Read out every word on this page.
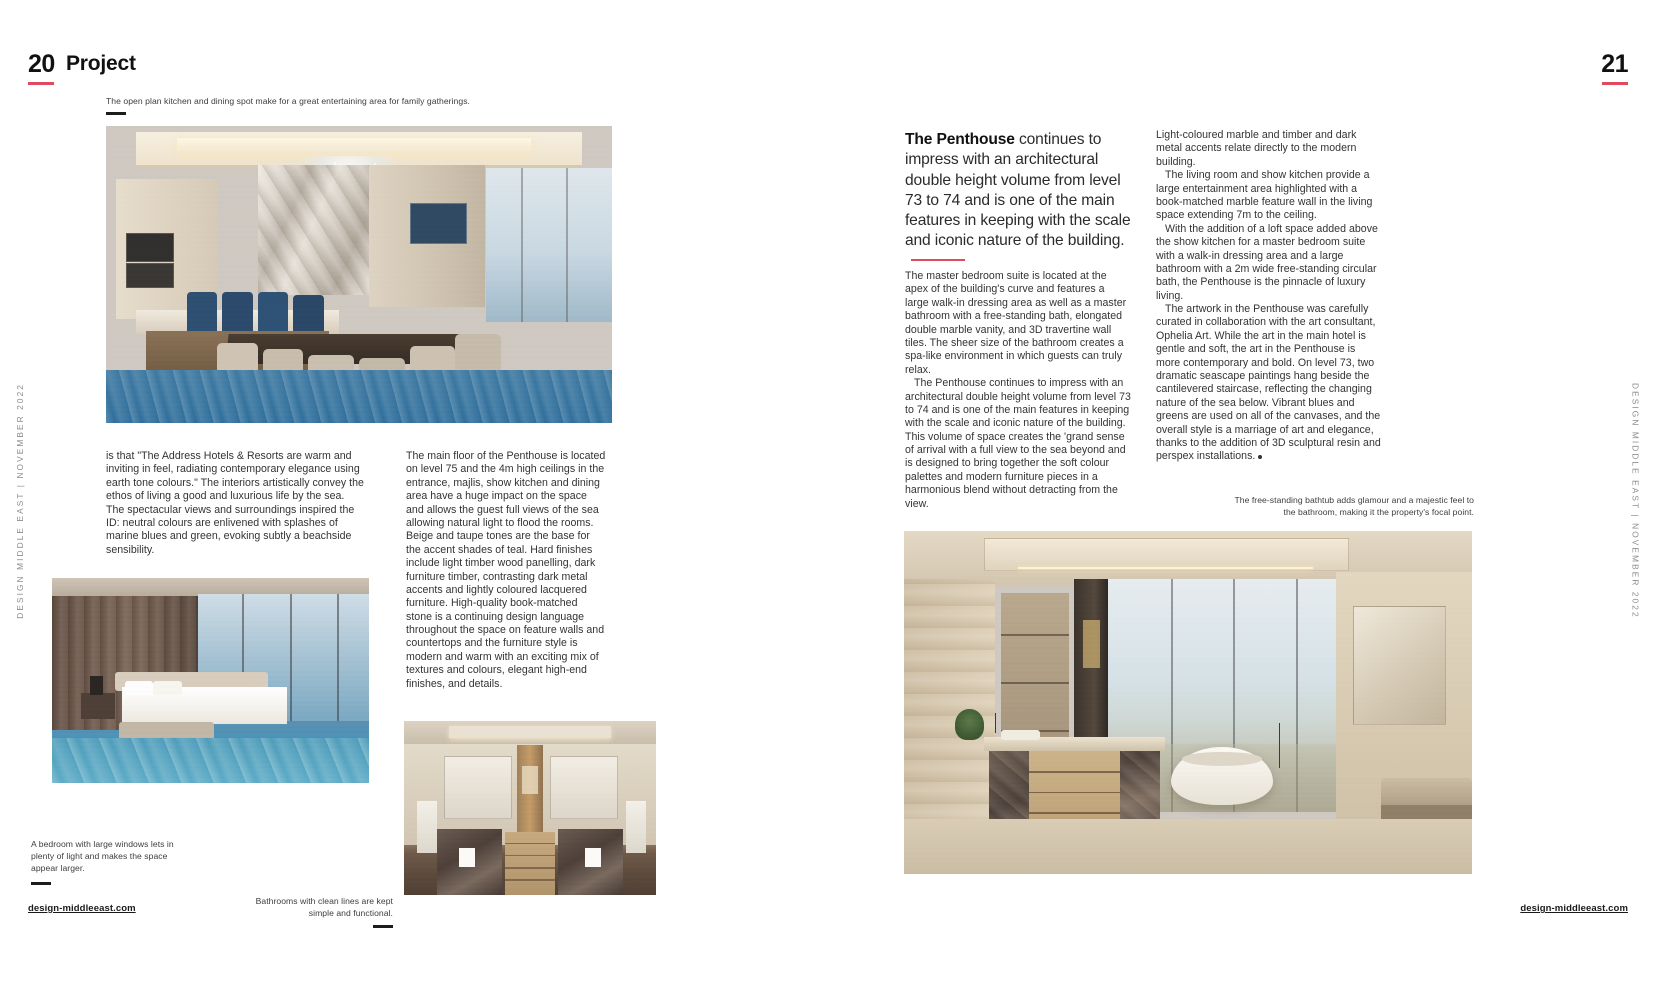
20 Project
DESIGN MIDDLE EAST | NOVEMBER 2022
The open plan kitchen and dining spot make for a great entertaining area for family gatherings.

is that "The Address Hotels & Resorts are warm and inviting in feel, radiating contemporary elegance using earth tone colours." The interiors artistically convey the ethos of living a good and luxurious life by the sea. The spectacular views and surroundings inspired the ID: neutral colours are enlivened with splashes of marine blues and green, evoking subtly a beachside sensibility.

The main floor of the Penthouse is located on level 75 and the 4m high ceilings in the entrance, majlis, show kitchen and dining area have a huge impact on the space and allows the guest full views of the sea allowing natural light to flood the rooms. Beige and taupe tones are the base for the accent shades of teal. Hard finishes include light timber wood panelling, dark furniture timber, contrasting dark metal accents and lightly coloured lacquered furniture. High-quality book-matched stone is a continuing design language throughout the space on feature walls and countertops and the furniture style is modern and warm with an exciting mix of textures and colours, elegant high-end finishes, and details.

A bedroom with large windows lets in plenty of light and makes the space appear larger.
Bathrooms with clean lines are kept simple and functional.
design-middleeast.com
21
DESIGN MIDDLE EAST | NOVEMBER 2022
The Penthouse continues to impress with an architectural double height volume from level 73 to 74 and is one of the main features in keeping with the scale and iconic nature of the building.

The master bedroom suite is located at the apex of the building's curve and features a large walk-in dressing area as well as a master bathroom with a free-standing bath, elongated double marble vanity, and 3D travertine wall tiles. The sheer size of the bathroom creates a spa-like environment in which guests can truly relax.

The Penthouse continues to impress with an architectural double height volume from level 73 to 74 and is one of the main features in keeping with the scale and iconic nature of the building. This volume of space creates the 'grand sense of arrival with a full view to the sea beyond and is designed to bring together the soft colour palettes and modern furniture pieces in a harmonious blend without detracting from the view.

Light-coloured marble and timber and dark metal accents relate directly to the modern building.

The living room and show kitchen provide a large entertainment area highlighted with a book-matched marble feature wall in the living space extending 7m to the ceiling.

With the addition of a loft space added above the show kitchen for a master bedroom suite with a walk-in dressing area and a large bathroom with a 2m wide free-standing circular bath, the Penthouse is the pinnacle of luxury living.

The artwork in the Penthouse was carefully curated in collaboration with the art consultant, Ophelia Art. While the art in the main hotel is gentle and soft, the art in the Penthouse is more contemporary and bold. On level 73, two dramatic seascape paintings hang beside the cantilevered staircase, reflecting the changing nature of the sea below. Vibrant blues and greens are used on all of the canvases, and the overall style is a marriage of art and elegance, thanks to the addition of 3D sculptural resin and perspex installations.

The free-standing bathtub adds glamour and a majestic feel to the bathroom, making it the property's focal point.
design-middleeast.com
